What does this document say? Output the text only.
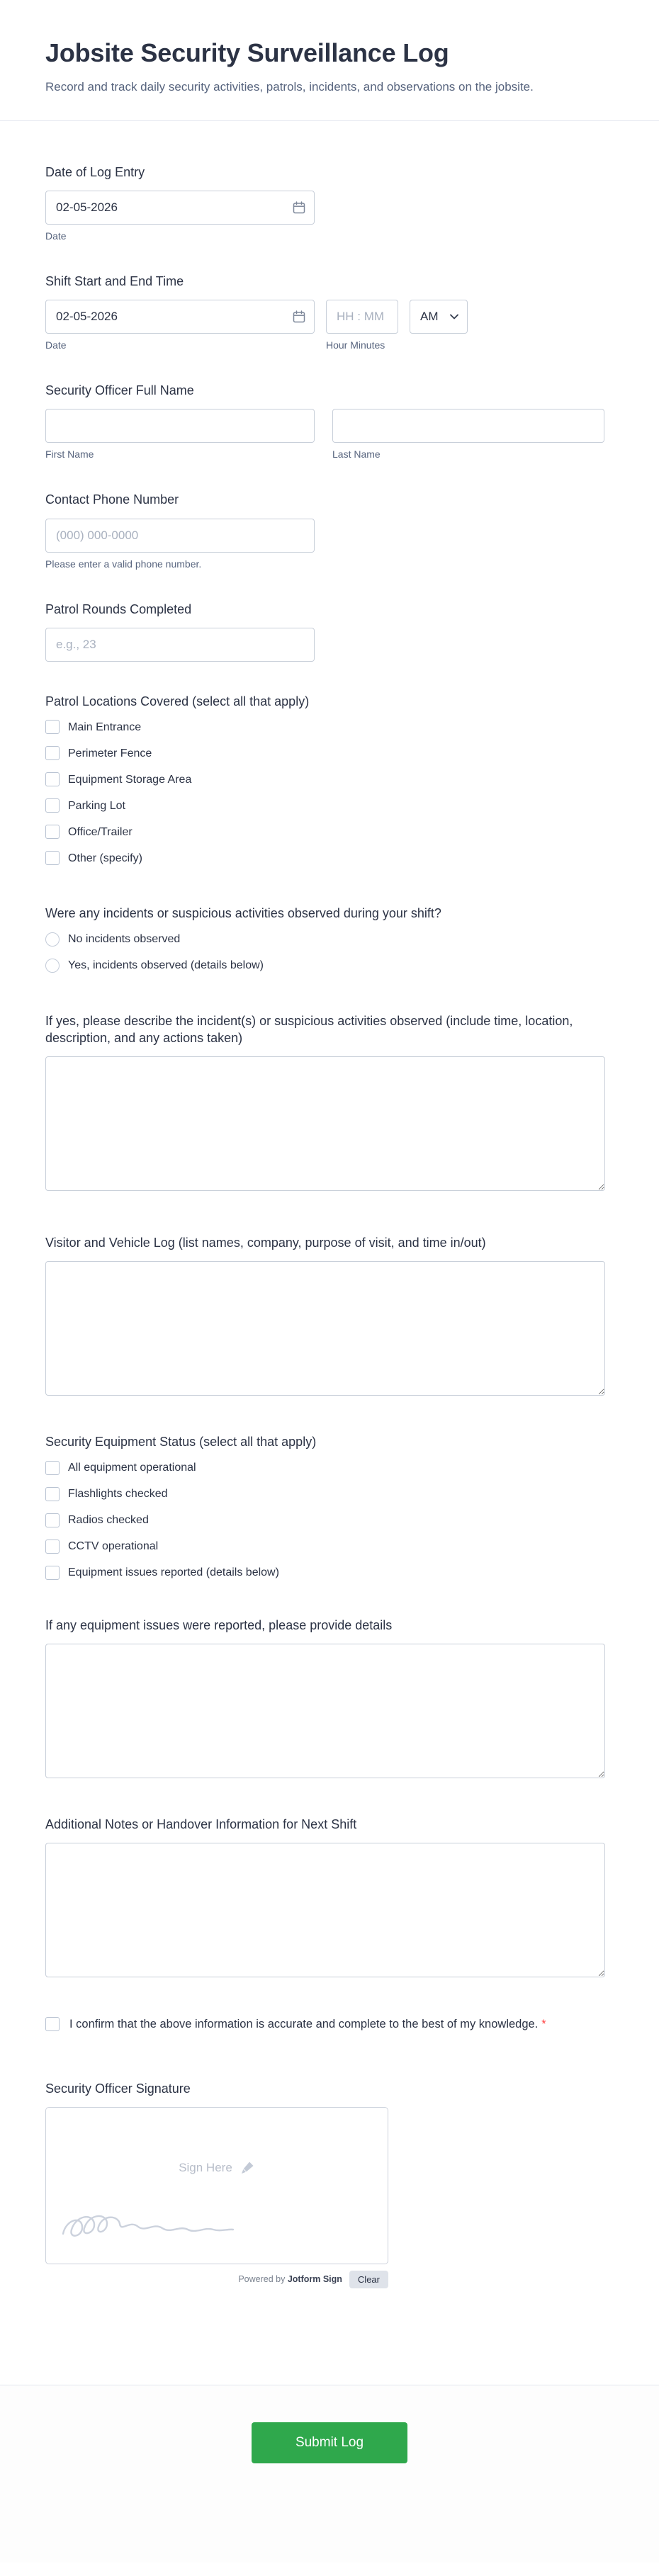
Jobsite Security Surveillance Log
Record and track daily security activities, patrols, incidents, and observations on the jobsite.
Date of Log Entry
02-05-2026
Date
Shift Start and End Time
02-05-2026
Date
HH : MM	Hour Minutes
AM
Security Officer Full Name
First Name	Last Name
Contact Phone Number
(000) 000-0000
Please enter a valid phone number.
Patrol Rounds Completed
e.g., 23
Patrol Locations Covered (select all that apply)
Main Entrance
Perimeter Fence
Equipment Storage Area
Parking Lot
Office/Trailer
Other (specify)
Were any incidents or suspicious activities observed during your shift?
No incidents observed
Yes, incidents observed (details below)
If yes, please describe the incident(s) or suspicious activities observed (include time, location, description, and any actions taken)
Visitor and Vehicle Log (list names, company, purpose of visit, and time in/out)
Security Equipment Status (select all that apply)
All equipment operational
Flashlights checked
Radios checked
CCTV operational
Equipment issues reported (details below)
If any equipment issues were reported, please provide details
Additional Notes or Handover Information for Next Shift
I confirm that the above information is accurate and complete to the best of my knowledge. *
Security Officer Signature
Sign Here
Powered by Jotform Sign	Clear
Submit Log
